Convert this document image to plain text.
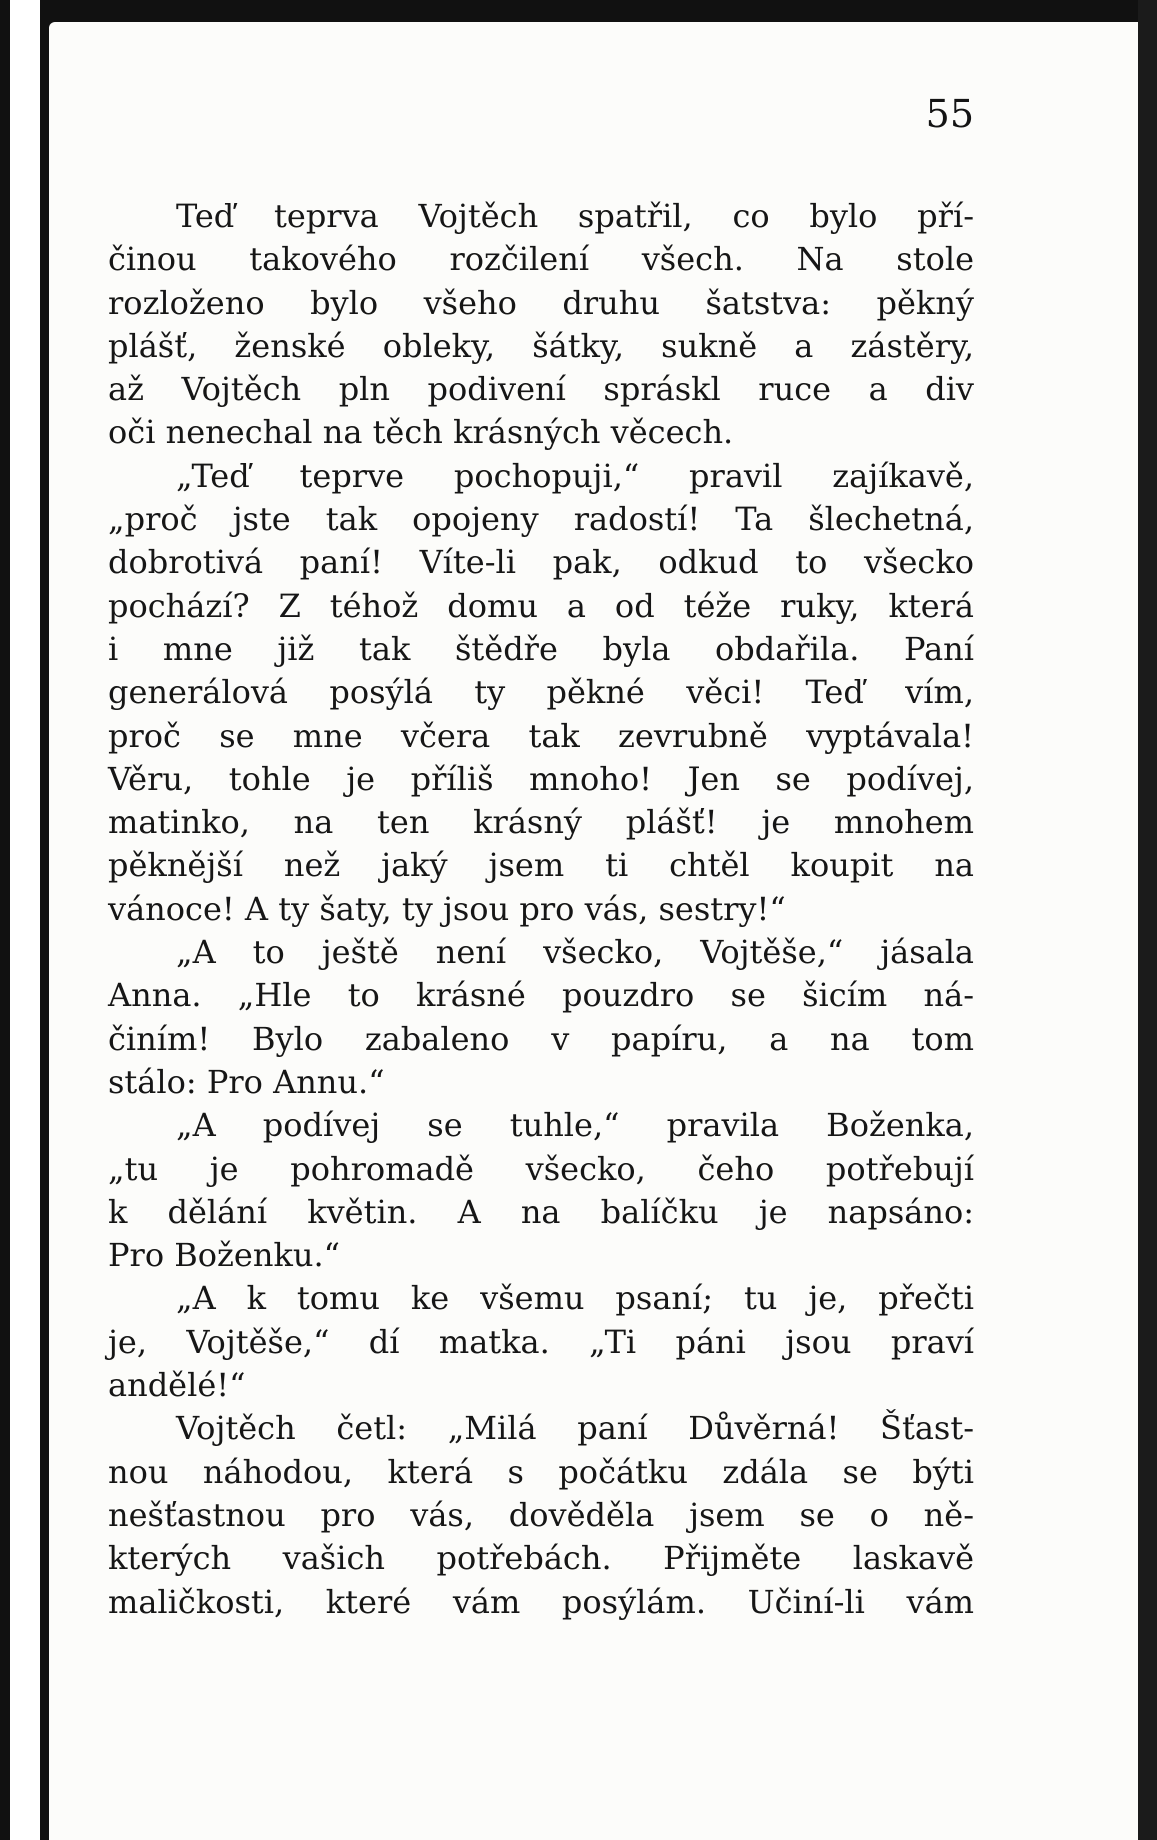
55
Teď teprva Vojtěch spatřil, co bylo pří-
činou takového rozčilení všech. Na stole
rozloženo bylo všeho druhu šatstva: pěkný
plášť, ženské obleky, šátky, sukně a zástěry,
až Vojtěch pln podivení spráskl ruce a div
oči nenechal na těch krásných věcech.
„Teď teprve pochopuji,“ pravil zajíkavě,
„proč jste tak opojeny radostí! Ta šlechetná,
dobrotivá paní! Víte-li pak, odkud to všecko
pochází? Z téhož domu a od téže ruky, která
i mne již tak štědře byla obdařila. Paní
generálová posýlá ty pěkné věci! Teď vím,
proč se mne včera tak zevrubně vyptávala!
Věru, tohle je příliš mnoho! Jen se podívej,
matinko, na ten krásný plášť! je mnohem
pěknější než jaký jsem ti chtěl koupit na
vánoce! A ty šaty, ty jsou pro vás, sestry!“
„A to ještě není všecko, Vojtěše,“ jásala
Anna. „Hle to krásné pouzdro se šicím ná-
činím! Bylo zabaleno v papíru, a na tom
stálo: Pro Annu.“
„A podívej se tuhle,“ pravila Boženka,
„tu je pohromadě všecko, čeho potřebují
k dělání květin. A na balíčku je napsáno:
Pro Boženku.“
„A k tomu ke všemu psaní; tu je, přečti
je, Vojtěše,“ dí matka. „Ti páni jsou praví
andělé!“
Vojtěch četl: „Milá paní Důvěrná! Šťast-
nou náhodou, která s počátku zdála se býti
nešťastnou pro vás, dověděla jsem se o ně-
kterých vašich potřebách. Přijměte laskavě
maličkosti, které vám posýlám. Učiní-li vám
